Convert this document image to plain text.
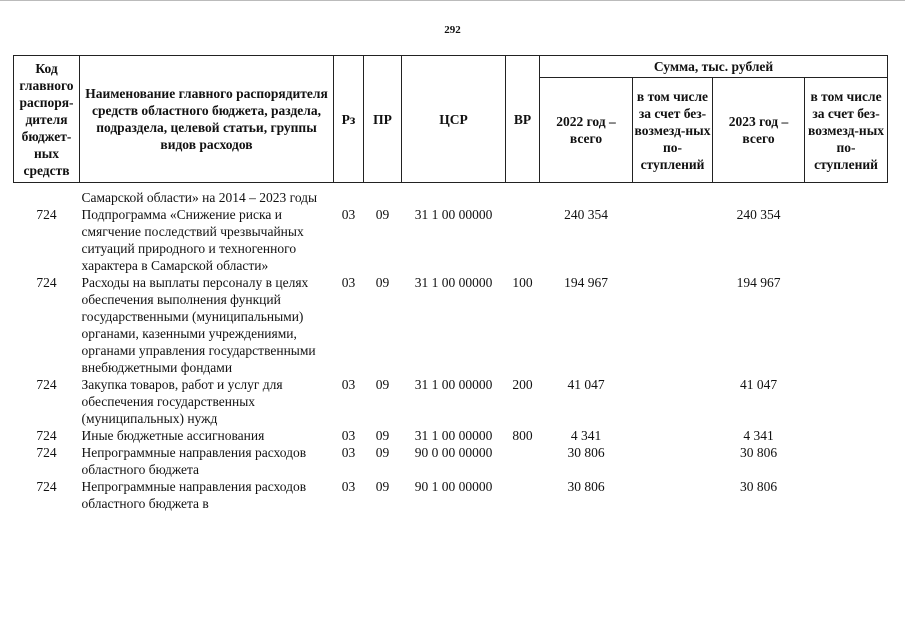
292
Код главного распоря-дителя бюджет-ных средств	Наименование главного распорядителя средств областного бюджета, раздела, подраздела, целевой статьи, группы видов расходов	Рз	ПР	ЦСР	ВР	Сумма, тыс. рублей			
						2022 год – всего	в том числе за счет без-возмезд-ных по-ступлений	2023 год – всего	в том числе за счет без-возмезд-ных по-ступлений

	Самарской области» на 2014 – 2023 годы								
724	Подпрограмма «Снижение риска и смягчение последствий чрезвычайных ситуаций природного и техногенного характера в Самарской области»	03	09	31 1 00 00000		240 354		240 354	
724	Расходы на выплаты персоналу в целях обеспечения выполнения функций государственными (муниципальными) органами, казенными учреждениями, органами управления государственными внебюджетными фондами	03	09	31 1 00 00000	100	194 967		194 967	
724	Закупка товаров, работ и услуг для обеспечения государственных (муниципальных) нужд	03	09	31 1 00 00000	200	41 047		41 047	
724	Иные бюджетные ассигнования	03	09	31 1 00 00000	800	4 341		4 341	
724	Непрограммные направления расходов областного бюджета	03	09	90 0 00 00000		30 806		30 806	
724	Непрограммные направления расходов областного бюджета в	03	09	90 1 00 00000		30 806		30 806	
